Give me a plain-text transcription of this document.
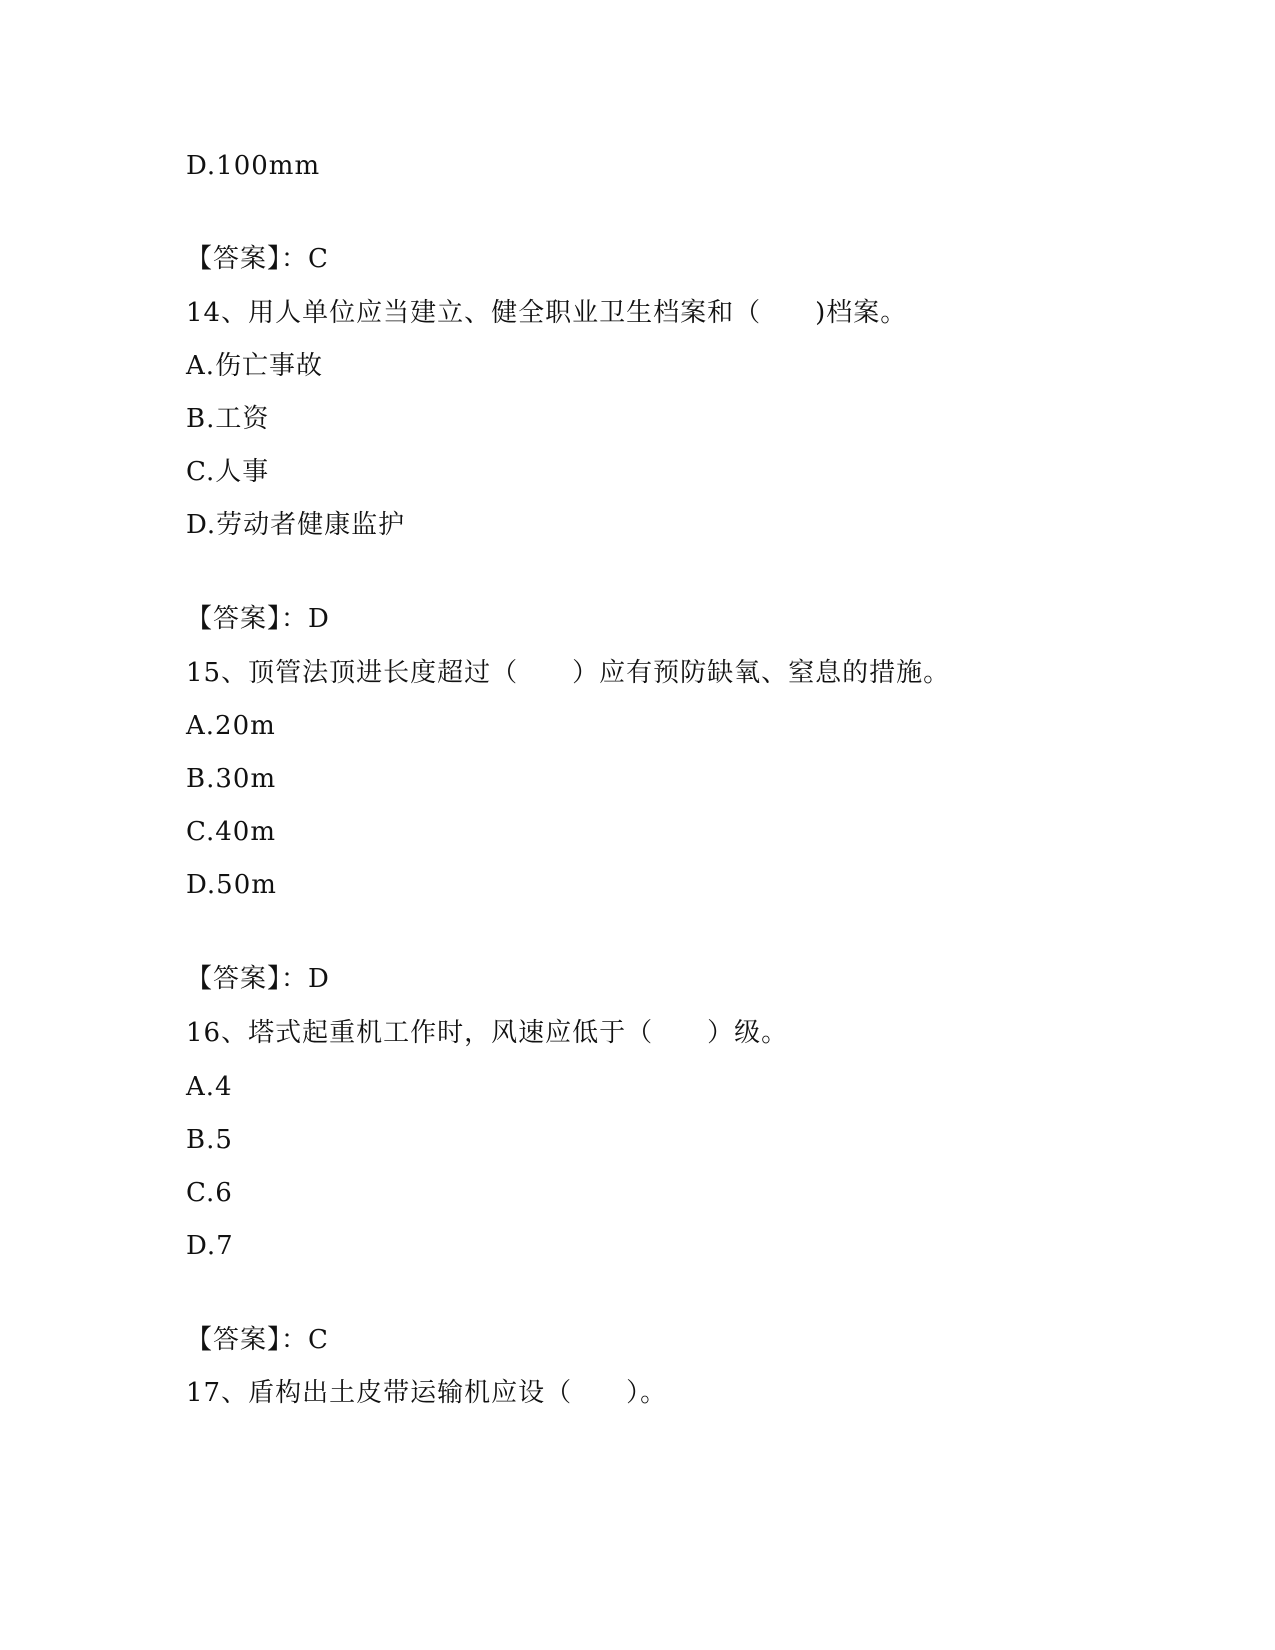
D.100mm
【答案】：C
14、用人单位应当建立、健全职业卫生档案和（　　)档案。
A.伤亡事故
B.工资
C.人事
D.劳动者健康监护
【答案】：D
15、顶管法顶进长度超过（　　）应有预防缺氧、窒息的措施。
A.20m
B.30m
C.40m
D.50m
【答案】：D
16、塔式起重机工作时，风速应低于（　　）级。
A.4
B.5
C.6
D.7
【答案】：C
17、盾构出土皮带运输机应设（　　）。
